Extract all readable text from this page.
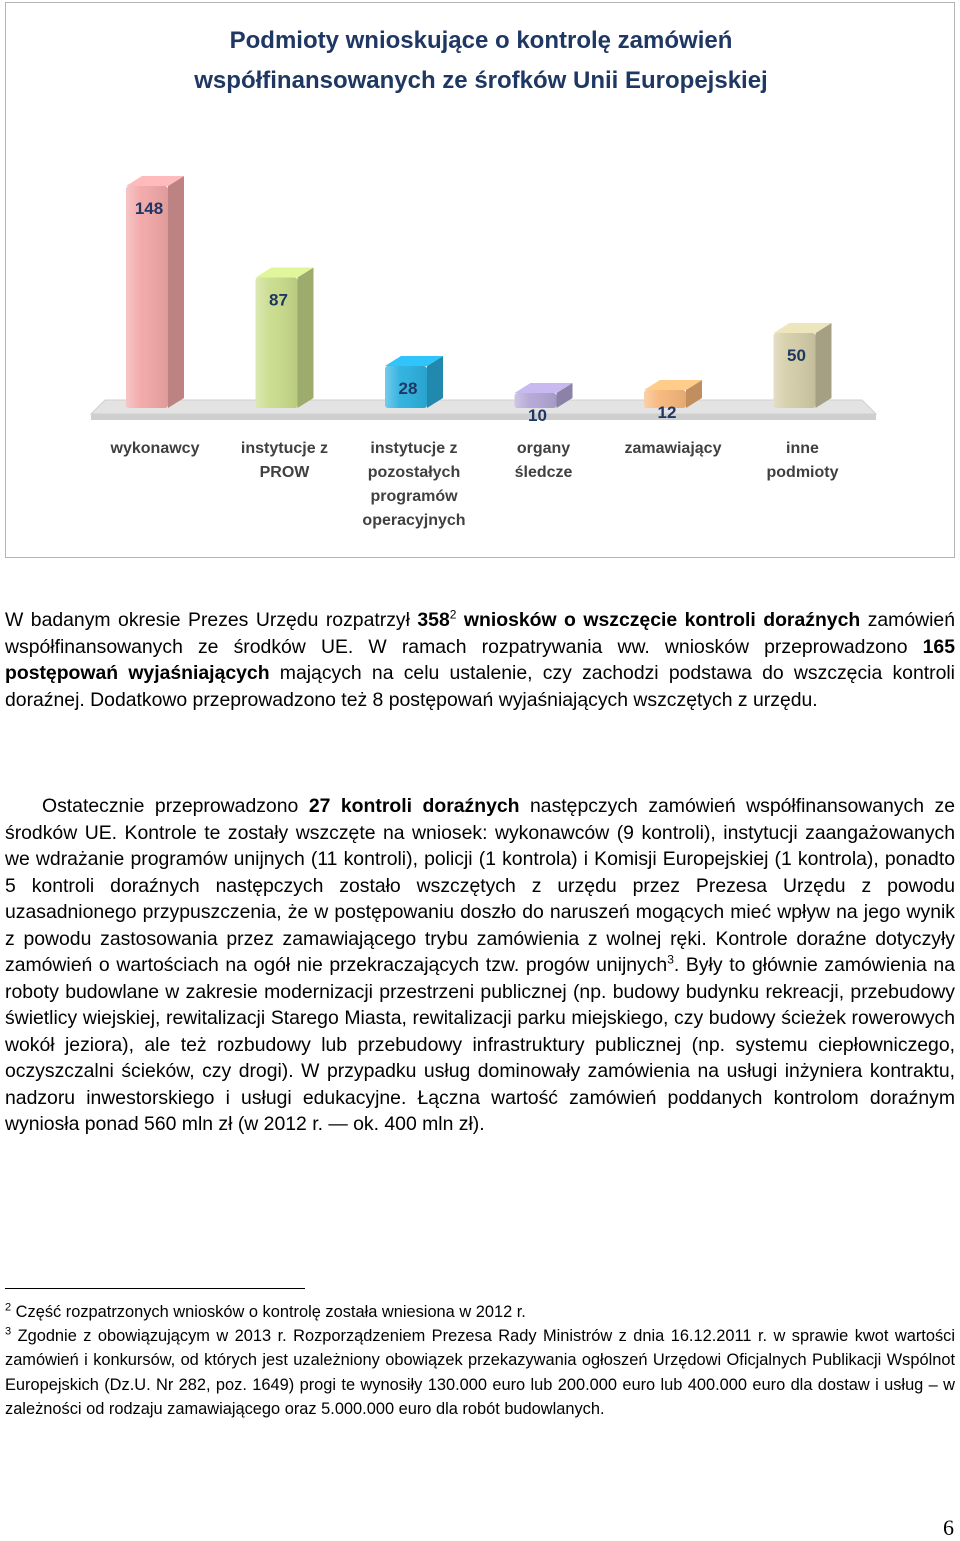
Podmioty wnioskujące o kontrolę zamówień
współfinansowanych ze śrofków Unii Europejskiej
148
87
28
10	12
50
wykonawcy	instytucje z
PROW
instytucje z
pozostałych
programów
operacyjnych
organy
śledcze
zamawiający	inne
podmioty

W badanym okresie Prezes Urzędu rozpatrzył $358^2$ wniosków o wszczęcie kontroli doraźnych zamówień współfinansowanych ze środków UE. W ramach rozpatrywania ww. wniosków przeprowadzono 165 postępowań wyjaśniających mających na celu ustalenie, czy zachodzi podstawa do wszczęcia kontroli doraźnej. Dodatkowo przeprowadzono też 8 postępowań wyjaśniających wszczętych z urzędu.

Ostatecznie przeprowadzono 27 kontroli doraźnych następczych zamówień współfinansowanych ze środków UE. Kontrole te zostały wszczęte na wniosek: wykonawców (9 kontroli), instytucji zaangażowanych we wdrażanie programów unijnych (11 kontroli), policji (1 kontrola) i Komisji Europejskiej (1 kontrola), ponadto 5 kontroli doraźnych następczych zostało wszczętych z urzędu przez Prezesa Urzędu z powodu uzasadnionego przypuszczenia, że w postępowaniu doszło do naruszeń mogących mieć wpływ na jego wynik z powodu zastosowania przez zamawiającego trybu zamówienia z wolnej ręki. Kontrole doraźne dotyczyły zamówień o wartościach na ogół nie przekraczających tzw. progów unijnych$^3$. Były to głównie zamówienia na roboty budowlane w zakresie modernizacji przestrzeni publicznej (np. budowy budynku rekreacji, przebudowy świetlicy wiejskiej, rewitalizacji Starego Miasta, rewitalizacji parku miejskiego, czy budowy ścieżek rowerowych wokół jeziora), ale też rozbudowy lub przebudowy infrastruktury publicznej (np. systemu ciepłowniczego, oczyszczalni ścieków, czy drogi). W przypadku usług dominowały zamówienia na usługi inżyniera kontraktu, nadzoru inwestorskiego i usługi edukacyjne. Łączna wartość zamówień poddanych kontrolom doraźnym wyniosła ponad 560 mln zł (w 2012 r. — ok. 400 mln zł).

$^2$ Część rozpatrzonych wniosków o kontrolę została wniesiona w 2012 r.

$^3$ Zgodnie z obowiązującym w 2013 r. Rozporządzeniem Prezesa Rady Ministrów z dnia 16.12.2011 r. w sprawie kwot wartości zamówień i konkursów, od których jest uzależniony obowiązek przekazywania ogłoszeń Urzędowi Oficjalnych Publikacji Wspólnot Europejskich (Dz.U. Nr 282, poz. 1649) progi te wynosiły 130.000 euro lub 200.000 euro lub 400.000 euro dla dostaw i usług – w zależności od rodzaju zamawiającego oraz 5.000.000 euro dla robót budowlanych.

6
